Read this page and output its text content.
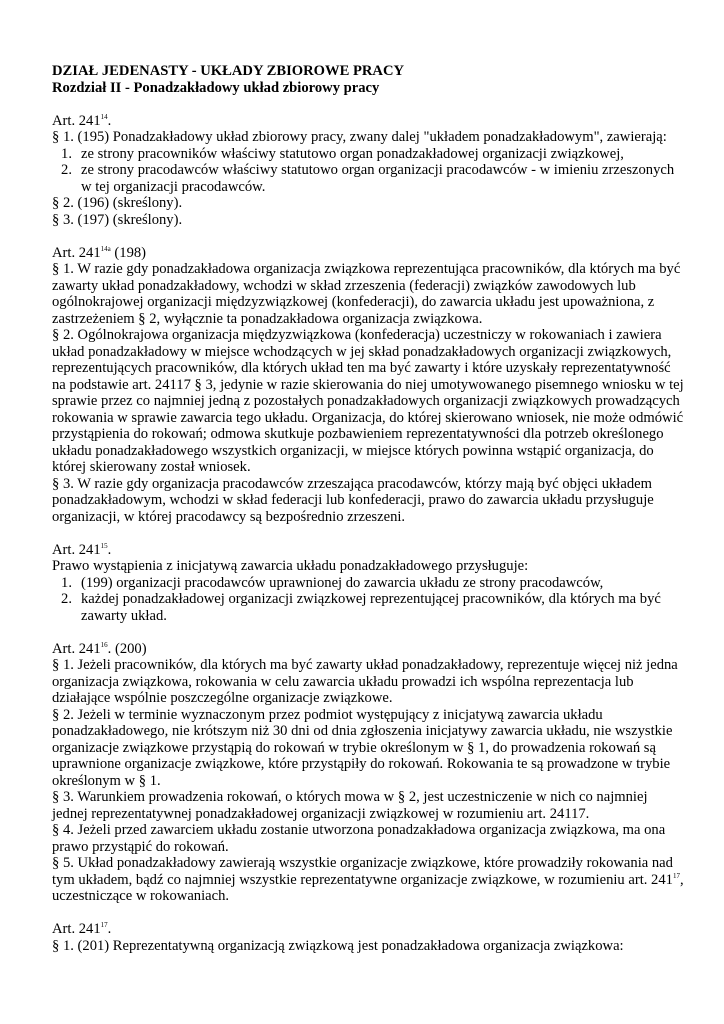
DZIAŁ JEDENASTY - UKŁADY ZBIOROWE PRACY

Rozdział II - Ponadzakładowy układ zbiorowy pracy

Art. $241^{14}$.

§ 1. (195) Ponadzakładowy układ zbiorowy pracy, zwany dalej "układem ponadzakładowym", zawierają:

1. ze strony pracowników właściwy statutowo organ ponadzakładowej organizacji związkowej,
2. ze strony pracodawców właściwy statutowo organ organizacji pracodawców - w imieniu zrzeszonych w tej organizacji pracodawców.

§ 2. (196) (skreślony).

§ 3. (197) (skreślony).

Art. $241^{14a}$ (198)

§ 1. W razie gdy ponadzakładowa organizacja związkowa reprezentująca pracowników, dla których ma być zawarty układ ponadzakładowy, wchodzi w skład zrzeszenia (federacji) związków zawodowych lub ogólnokrajowej organizacji międzyzwiązkowej (konfederacji), do zawarcia układu jest upoważniona, z zastrzeżeniem § 2, wyłącznie ta ponadzakładowa organizacja związkowa.

§ 2. Ogólnokrajowa organizacja międzyzwiązkowa (konfederacja) uczestniczy w rokowaniach i zawiera układ ponadzakładowy w miejsce wchodzących w jej skład ponadzakładowych organizacji związkowych, reprezentujących pracowników, dla których układ ten ma być zawarty i które uzyskały reprezentatywność na podstawie art. 24117 § 3, jedynie w razie skierowania do niej umotywowanego pisemnego wniosku w tej sprawie przez co najmniej jedną z pozostałych ponadzakładowych organizacji związkowych prowadzących rokowania w sprawie zawarcia tego układu. Organizacja, do której skierowano wniosek, nie może odmówić przystąpienia do rokowań; odmowa skutkuje pozbawieniem reprezentatywności dla potrzeb określonego układu ponadzakładowego wszystkich organizacji, w miejsce których powinna wstąpić organizacja, do której skierowany został wniosek.

§ 3. W razie gdy organizacja pracodawców zrzeszająca pracodawców, którzy mają być objęci układem ponadzakładowym, wchodzi w skład federacji lub konfederacji, prawo do zawarcia układu przysługuje organizacji, w której pracodawcy są bezpośrednio zrzeszeni.

Art. $241^{15}$.

Prawo wystąpienia z inicjatywą zawarcia układu ponadzakładowego przysługuje:

1. (199) organizacji pracodawców uprawnionej do zawarcia układu ze strony pracodawców,
2. każdej ponadzakładowej organizacji związkowej reprezentującej pracowników, dla których ma być zawarty układ.

Art. $241^{16}$. (200)

§ 1. Jeżeli pracowników, dla których ma być zawarty układ ponadzakładowy, reprezentuje więcej niż jedna organizacja związkowa, rokowania w celu zawarcia układu prowadzi ich wspólna reprezentacja lub działające wspólnie poszczególne organizacje związkowe.

§ 2. Jeżeli w terminie wyznaczonym przez podmiot występujący z inicjatywą zawarcia układu ponadzakładowego, nie krótszym niż 30 dni od dnia zgłoszenia inicjatywy zawarcia układu, nie wszystkie organizacje związkowe przystąpią do rokowań w trybie określonym w § 1, do prowadzenia rokowań są uprawnione organizacje związkowe, które przystąpiły do rokowań. Rokowania te są prowadzone w trybie określonym w § 1.

§ 3. Warunkiem prowadzenia rokowań, o których mowa w § 2, jest uczestniczenie w nich co najmniej jednej reprezentatywnej ponadzakładowej organizacji związkowej w rozumieniu art. 24117.

§ 4. Jeżeli przed zawarciem układu zostanie utworzona ponadzakładowa organizacja związkowa, ma ona prawo przystąpić do rokowań.

§ 5. Układ ponadzakładowy zawierają wszystkie organizacje związkowe, które prowadziły rokowania nad tym układem, bądź co najmniej wszystkie reprezentatywne organizacje związkowe, w rozumieniu art. $241^{17}$, uczestniczące w rokowaniach.

Art. $241^{17}$.

§ 1. (201) Reprezentatywną organizacją związkową jest ponadzakładowa organizacja związkowa:
